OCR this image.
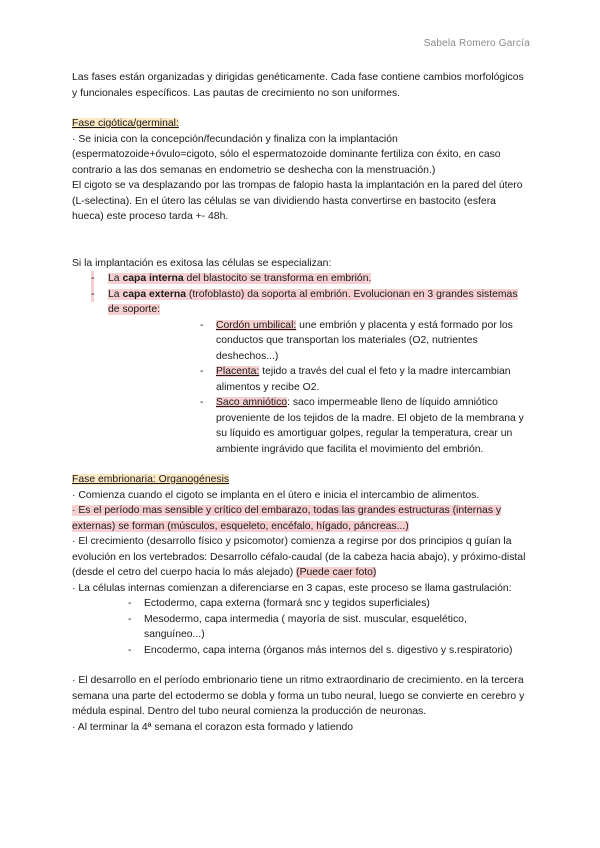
Sabela Romero García

Las fases están organizadas y dirigidas genéticamente. Cada fase contiene cambios morfológicos y funcionales específicos. Las pautas de crecimiento no son uniformes.

Fase cigótica/germinal:

· Se inicia con la concepción/fecundación y finaliza con la implantación (espermatozoide+óvulo=cigoto, sólo el espermatozoide dominante fertiliza con éxito, en caso contrario a las dos semanas en endometrio se deshecha con la menstruación.)

El cigoto se va desplazando por las trompas de falopio hasta la implantación en la pared del útero (L-selectina). En el útero las células se van dividiendo hasta convertirse en bastocito (esfera hueca) este proceso tarda +- 48h.

Si la implantación es exitosa las células se especializan:

- La capa interna del blastocito se transforma en embrión.
- La capa externa (trofoblasto) da soporta al embrión. Evolucionan en 3 grandes sistemas de soporte:
- Cordón umbilical: une embrión y placenta y está formado por los conductos que transportan los materiales (O2, nutrientes deshechos...)
- Placenta: tejido a través del cual el feto y la madre intercambian alimentos y recibe O2.
- Saco amniótico: saco impermeable lleno de líquido amniótico proveniente de los tejidos de la madre. El objeto de la membrana y su líquido es amortiguar golpes, regular la temperatura, crear un ambiente ingrávido que facilita el movimiento del embrión.

Fase embrionaria: Organogénesis

· Comienza cuando el cigoto se implanta en el útero e inicia el intercambio de alimentos.

· Es el período mas sensible y crítico del embarazo, todas las grandes estructuras (internas y externas) se forman (músculos, esqueleto, encéfalo, hígado, páncreas...)

· El crecimiento (desarrollo físico y psicomotor) comienza a regirse por dos principios q guían la evolución en los vertebrados: Desarrollo céfalo-caudal (de la cabeza hacia abajo), y próximo-distal (desde el cetro del cuerpo hacia lo más alejado) (Puede caer foto)

· La células internas comienzan a diferenciarse en 3 capas, este proceso se llama gastrulación:

- Ectodermo, capa externa (formará snc y tegidos superficiales)
- Mesodermo, capa intermedia ( mayoría de sist. muscular, esquelético, sanguíneo...)
- Encodermo, capa interna (órganos más internos del s. digestivo y s.respiratorio)

· El desarrollo en el período embrionario tiene un ritmo extraordinario de crecimiento. en la tercera semana una parte del ectodermo se dobla y forma un tubo neural, luego se convierte en cerebro y médula espinal. Dentro del tubo neural comienza la producción de neuronas.

· Al terminar la 4ª semana el corazon esta formado y latiendo
